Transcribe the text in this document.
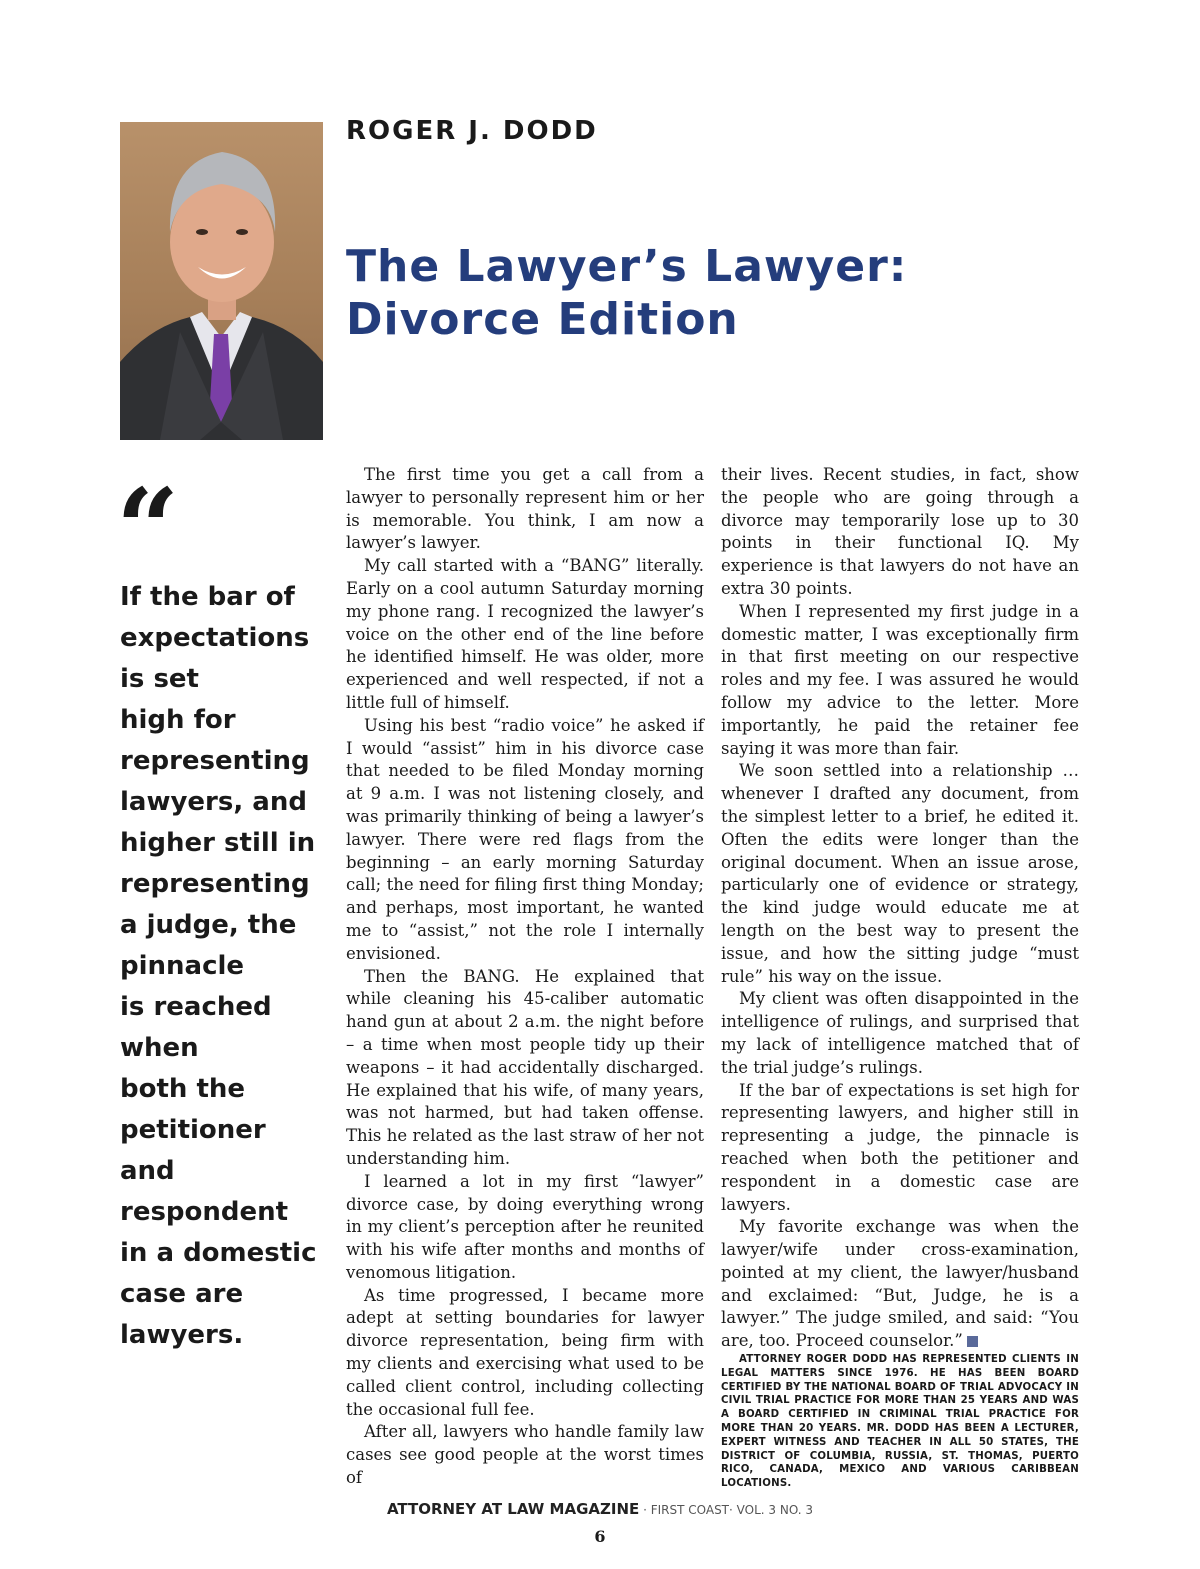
ROGER J. DODD
The Lawyer’s Lawyer:
Divorce Edition
“
If the bar of
expectations
is set
high for
representing
lawyers, and
higher still in
representing
a judge, the
pinnacle
is reached
when
both the
petitioner
and
respondent
in a domestic
case are
lawyers.

The first time you get a call from a lawyer to personally represent him or her is memorable. You think, I am now a lawyer’s lawyer.

My call started with a “BANG” literally. Early on a cool autumn Saturday morning my phone rang. I recognized the lawyer’s voice on the other end of the line before he identified himself. He was older, more experienced and well respected, if not a little full of himself.

Using his best “radio voice” he asked if I would “assist” him in his divorce case that needed to be filed Monday morning at 9 a.m. I was not listening closely, and was primarily thinking of being a lawyer’s lawyer. There were red flags from the beginning – an early morning Saturday call; the need for filing first thing Monday; and perhaps, most important, he wanted me to “assist,” not the role I internally envisioned.

Then the BANG. He explained that while cleaning his 45-caliber automatic hand gun at about 2 a.m. the night before – a time when most people tidy up their weapons – it had accidentally discharged. He explained that his wife, of many years, was not harmed, but had taken offense. This he related as the last straw of her not understanding him.

I learned a lot in my first “lawyer” divorce case, by doing everything wrong in my client’s perception after he reunited with his wife after months and months of venomous litigation.

As time progressed, I became more adept at setting boundaries for lawyer divorce representation, being firm with my clients and exercising what used to be called client control, including collecting the occasional full fee.

After all, lawyers who handle family law cases see good people at the worst times of

their lives. Recent studies, in fact, show the people who are going through a divorce may temporarily lose up to 30 points in their functional IQ. My experience is that lawyers do not have an extra 30 points.

When I represented my first judge in a domestic matter, I was exceptionally firm in that first meeting on our respective roles and my fee. I was assured he would follow my advice to the letter. More importantly, he paid the retainer fee saying it was more than fair.

We soon settled into a relationship … whenever I drafted any document, from the simplest letter to a brief, he edited it. Often the edits were longer than the original document. When an issue arose, particularly one of evidence or strategy, the kind judge would educate me at length on the best way to present the issue, and how the sitting judge “must rule” his way on the issue.

My client was often disappointed in the intelligence of rulings, and surprised that my lack of intelligence matched that of the trial judge’s rulings.

If the bar of expectations is set high for representing lawyers, and higher still in representing a judge, the pinnacle is reached when both the petitioner and respondent in a domestic case are lawyers.

My favorite exchange was when the lawyer/wife under cross-examination, pointed at my client, the lawyer/husband and exclaimed: “But, Judge, he is a lawyer.” The judge smiled, and said: “You are, too. Proceed counselor.”

ATTORNEY ROGER DODD HAS REPRESENTED CLIENTS IN LEGAL MATTERS SINCE 1976. HE HAS BEEN BOARD CERTIFIED BY THE NATIONAL BOARD OF TRIAL ADVOCACY IN CIVIL TRIAL PRACTICE FOR MORE THAN 25 YEARS AND WAS A BOARD CERTIFIED IN CRIMINAL TRIAL PRACTICE FOR MORE THAN 20 YEARS. MR. DODD HAS BEEN A LECTURER, EXPERT WITNESS AND TEACHER IN ALL 50 STATES, THE DISTRICT OF COLUMBIA, RUSSIA, ST. THOMAS, PUERTO RICO, CANADA, MEXICO AND VARIOUS CARIBBEAN LOCATIONS.

ATTORNEY AT LAW MAGAZINE · FIRST COAST· VOL. 3 NO. 3
6
